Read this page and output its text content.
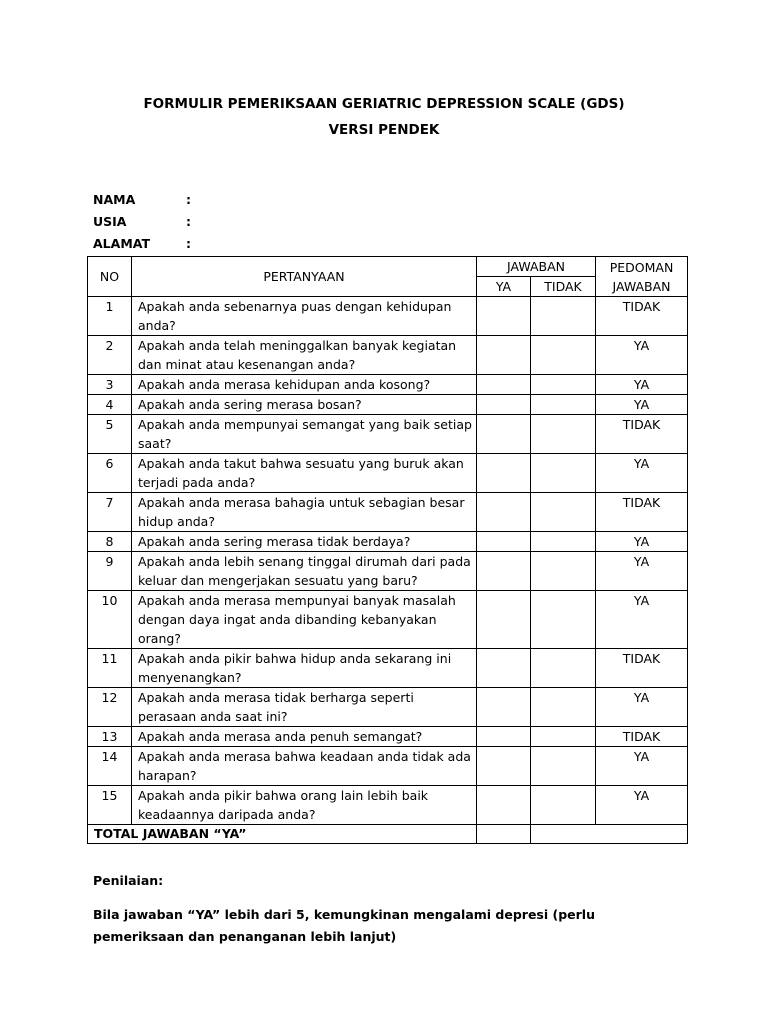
FORMULIR PEMERIKSAAN GERIATRIC DEPRESSION SCALE (GDS)
VERSI PENDEK
NAMA	:
USIA	:
ALAMAT	:
NO	PERTANYAAN	JAWABAN		PEDOMAN JAWABAN
		YA	TIDAK	
1	Apakah anda sebenarnya puas dengan kehidupan anda?			TIDAK
2	Apakah anda telah meninggalkan banyak kegiatan dan minat atau kesenangan anda?			YA
3	Apakah anda merasa kehidupan anda kosong?			YA
4	Apakah anda sering merasa bosan?			YA
5	Apakah anda mempunyai semangat yang baik setiap saat?			TIDAK
6	Apakah anda takut bahwa sesuatu yang buruk akan terjadi pada anda?			YA
7	Apakah anda merasa bahagia untuk sebagian besar hidup anda?			TIDAK
8	Apakah anda sering merasa tidak berdaya?			YA
9	Apakah anda lebih senang tinggal dirumah dari pada keluar dan mengerjakan sesuatu yang baru?			YA
10	Apakah anda merasa mempunyai banyak masalah dengan daya ingat anda dibanding kebanyakan orang?			YA
11	Apakah anda pikir bahwa hidup anda sekarang ini menyenangkan?			TIDAK
12	Apakah anda merasa tidak berharga seperti perasaan anda saat ini?			YA
13	Apakah anda merasa anda penuh semangat?			TIDAK
14	Apakah anda merasa bahwa keadaan anda tidak ada harapan?			YA
15	Apakah anda pikir bahwa orang lain lebih baik keadaannya daripada anda?			YA
TOTAL JAWABAN “YA”				
Penilaian:
Bila jawaban “YA” lebih dari 5, kemungkinan mengalami depresi (perlu pemeriksaan dan penanganan lebih lanjut)
